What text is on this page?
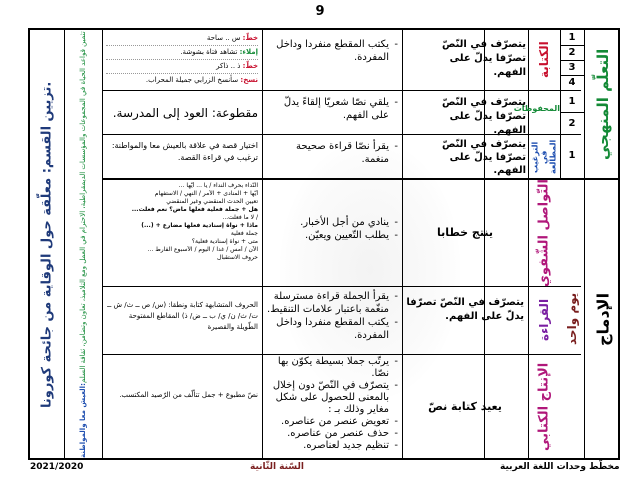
9
التعلّم المنهجي
الإدماج
يوم واحد
1
2
3
4
1
2
1
الكتابة
المحفوظات
الترغيب في المطالعة
التّواصل الشّفوي
القراءة
الإنتاج الكتابي
يتصرّف في النّصّ تصرّفا يدلّ على الفهم.
يتصرّف في النّصّ تصرّفا يدلّ على الفهم.
يتصرّف في النّصّ تصرّفا يدلّ على الفهم.
ينتج خطابا
يتصرّف في النّصّ تصرّفا يدلّ على الفهم.
يعيد كتابة نصّ
- يكتب المقطع منفردا وداخل المفردة.
- يلقي نصّا شعريّا إلقاءً يدلّ على الفهم.
- يقرأ نصّا قراءة صحيحة منغمة.
- ينادي من أجل الأخبار.
- يطلب التّعيين ويعيّن.
- يقرأ الجملة قراءة مسترسلة منغّمة باعتبار علامات التنقيط.
- يكتب المقطع منفردا وداخل المفردة.
- يرتّب جملا بسيطة يكوّن بها نصّا.
- يتصرّف في النّصّ دون إخلال بالمعنى للحصول على شكل مغاير وذلك بـ :
- تعويض عنصر من عناصره.
- حذف عنصر من عناصره.
- تنظيم جديد لعناصره.
خطّ: س .. ساحة
إملاء: تشاهد فتاة بشوشة.
خطّ: ذ .. ذاكر
نسخ: سأنسخ الزرابي جميلة المحراب.
مقطوعة: العود إلى المدرسة.
اختيار قصة في علاقة بالعيش معا والمواطنة: ترغيب في قراءة القصة.
النّداء بحرف النداء / يا ... أيّها ...
أيّها + المنادى + الأمر / النهي / الاستفهام
تعيين الحدث المنقضي وغير المنقضي
هل + جملة فعلية فعلها ماض؟ نعم فعلت...
/ لا ما فعلت...
ماذا + نواة إسنادية فعلها مضارع + (...)
جملة فعلية
متى + نواة إسنادية فعلية؟
الآن / أمس / غدا / اليوم / الأسبوع الفارط ...
حروف الاستقبال
الحروف المتشابهة كتابة ونطقا: (س/ ص ــ ث/ ش ــ ت/ ث/ ن/ ي/ ب ــ ض/ ذ) المقاطع المفتوحة الطّويلة والقصيرة
نصّ مطبوع + جمل تتألّف من الرّصيد المكتسب.
العيش معا والمواطنة:
تثمين قواعد الحياة في المجموعات والمؤسسات الديمقراطية، الاحترام في العمل ومع التلاميذ، تعاون وتضامن، ثقافة السلم
تزيين القسم: معلّقة حول الوقاية من جائحة كورونا.
2021/2020	السّنة الثّانية	مخطّط وحدات اللغة العربية
